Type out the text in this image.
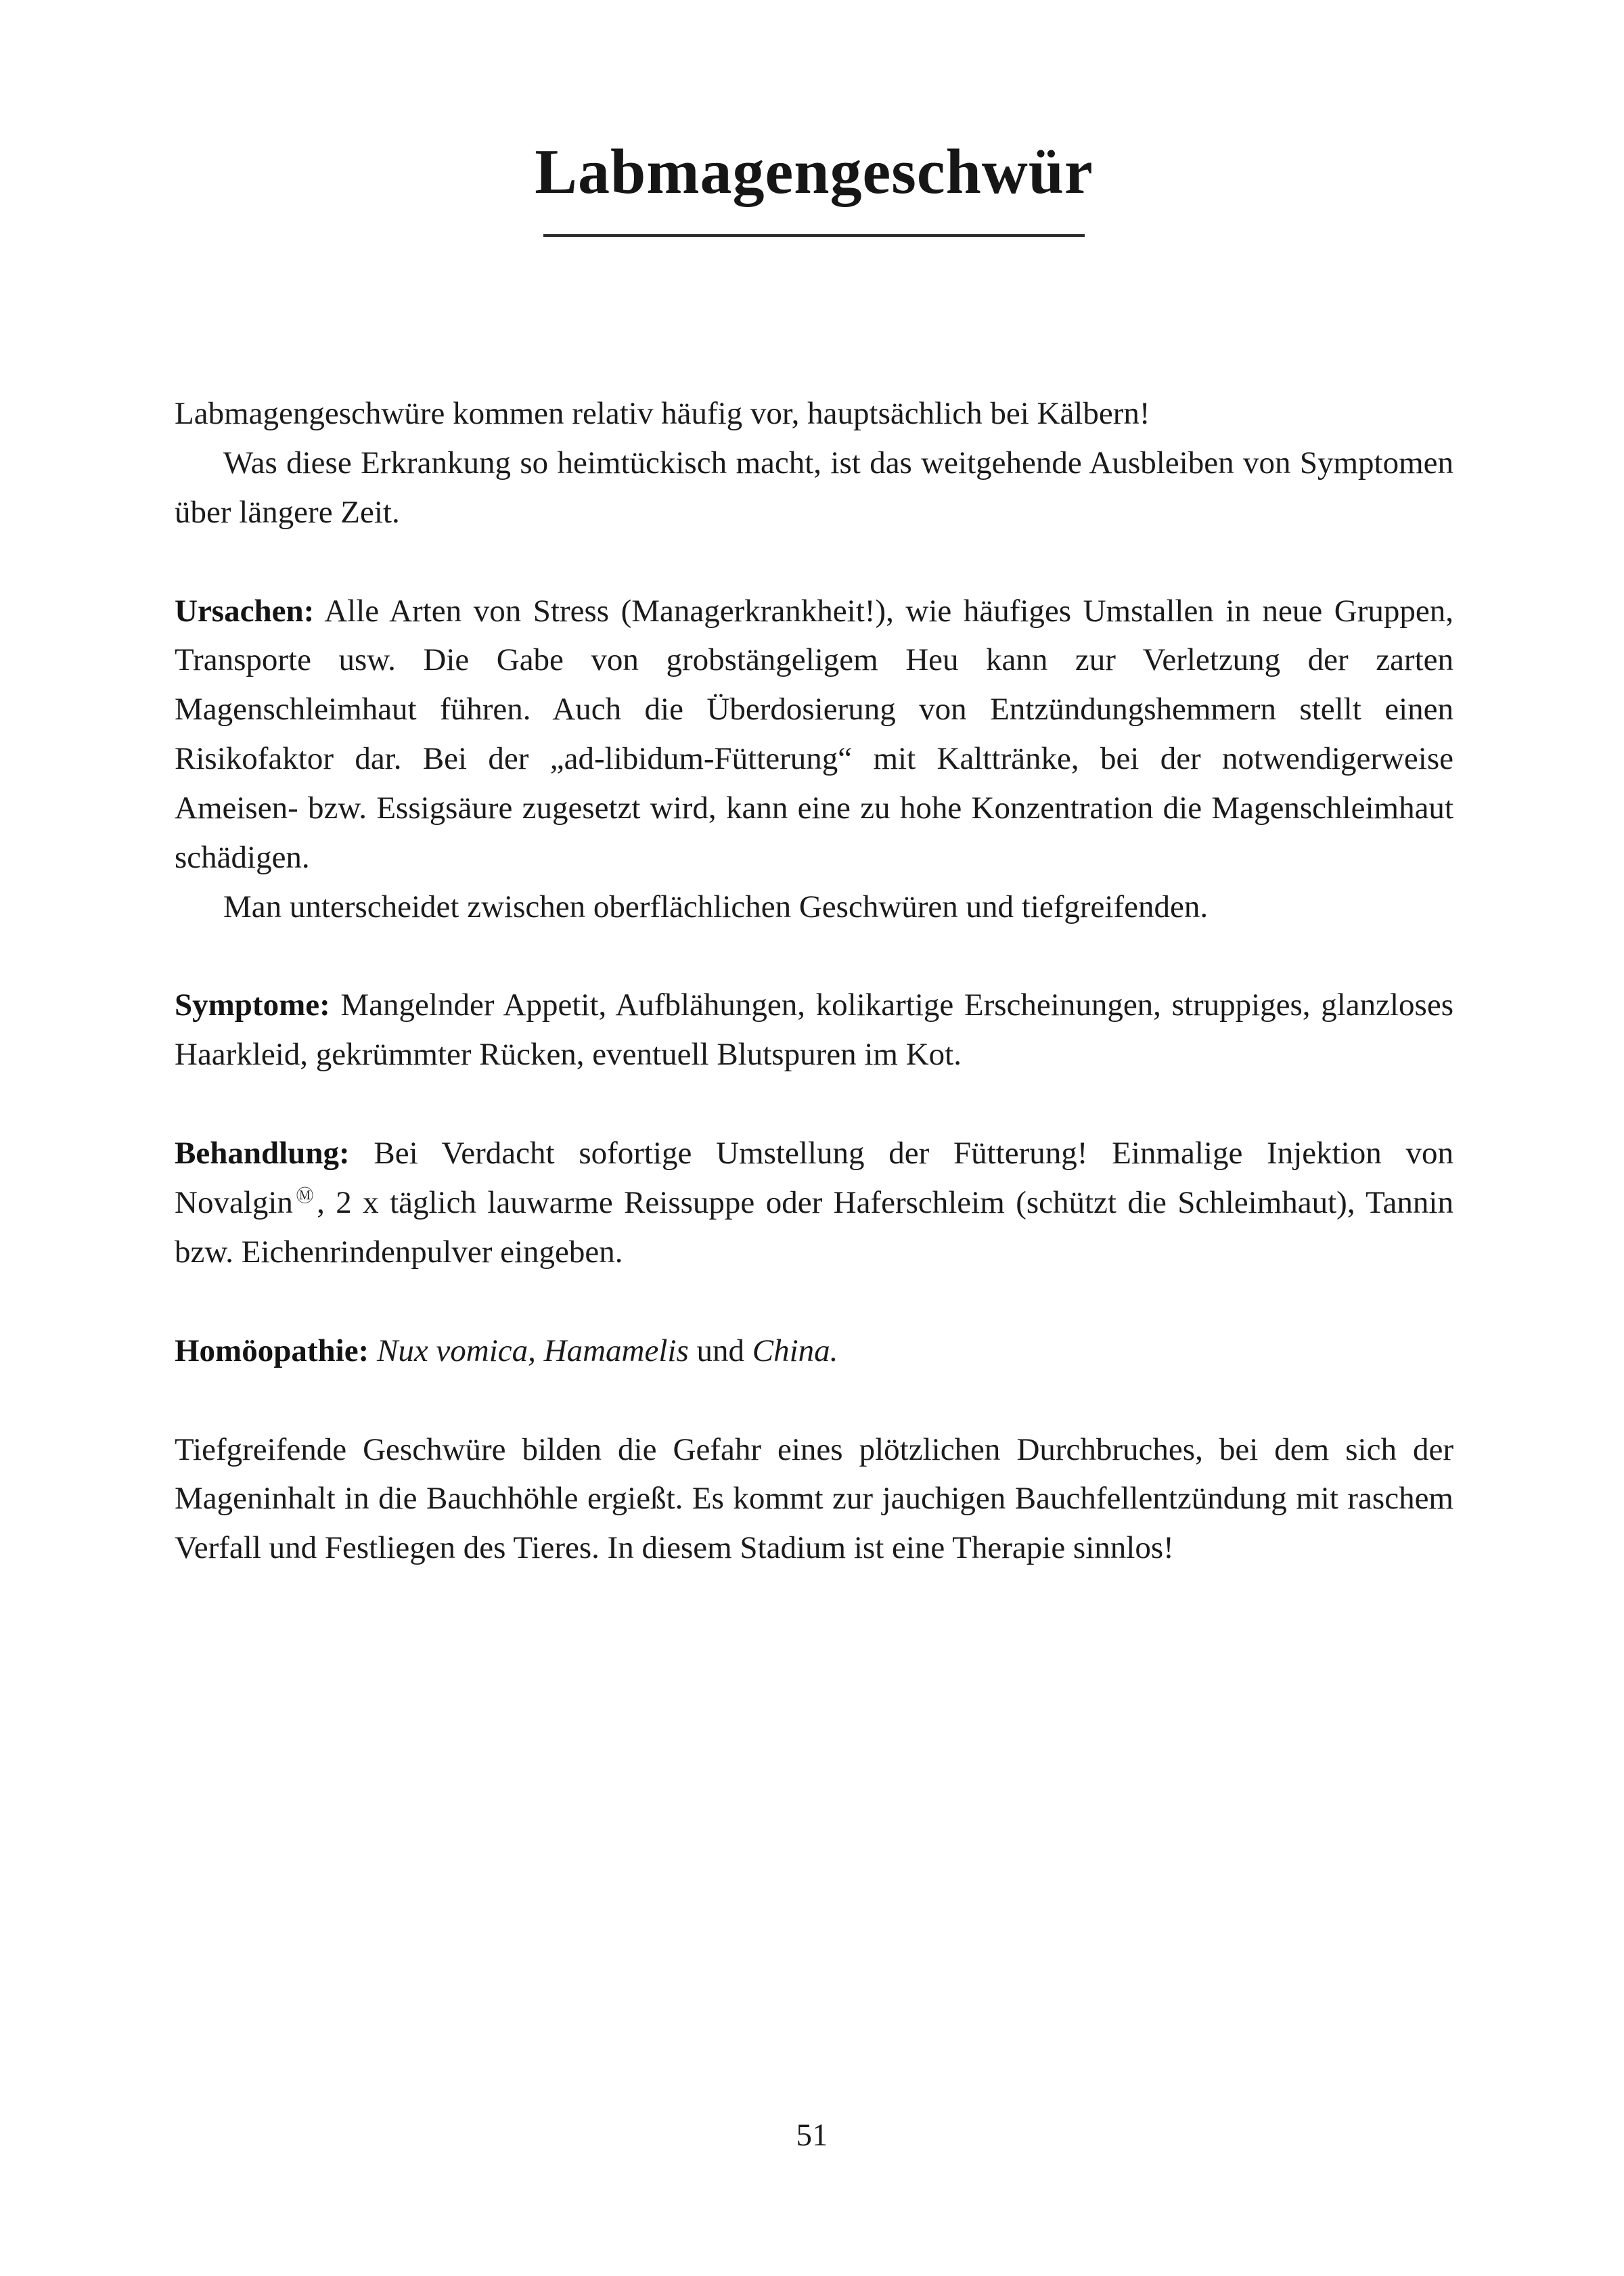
Labmagengeschwür

Labmagengeschwüre kommen relativ häufig vor, hauptsächlich bei Kälbern!

Was diese Erkrankung so heimtückisch macht, ist das weitgehende Ausbleiben von Symptomen über längere Zeit.

Ursachen: Alle Arten von Stress (Managerkrankheit!), wie häufiges Umstallen in neue Gruppen, Transporte usw. Die Gabe von grobstängeligem Heu kann zur Verletzung der zarten Magenschleimhaut führen. Auch die Überdosierung von Entzündungshemmern stellt einen Risikofaktor dar. Bei der „ad-libidum-Fütterung“ mit Kalttränke, bei der notwendigerweise Ameisen- bzw. Essigsäure zugesetzt wird, kann eine zu hohe Konzentration die Magenschleimhaut schädigen.

Man unterscheidet zwischen oberflächlichen Geschwüren und tiefgreifenden.

Symptome: Mangelnder Appetit, Aufblähungen, kolikartige Erscheinungen, struppiges, glanzloses Haarkleid, gekrümmter Rücken, eventuell Blutspuren im Kot.

Behandlung: Bei Verdacht sofortige Umstellung der Fütterung! Einmalige Injektion von NovalginⓂ, 2 x täglich lauwarme Reissuppe oder Haferschleim (schützt die Schleimhaut), Tannin bzw. Eichenrindenpulver eingeben.

Homöopathie: Nux vomica, Hamamelis und China.

Tiefgreifende Geschwüre bilden die Gefahr eines plötzlichen Durchbruches, bei dem sich der Mageninhalt in die Bauchhöhle ergießt. Es kommt zur jauchigen Bauchfellentzündung mit raschem Verfall und Festliegen des Tieres. In diesem Stadium ist eine Therapie sinnlos!

51
